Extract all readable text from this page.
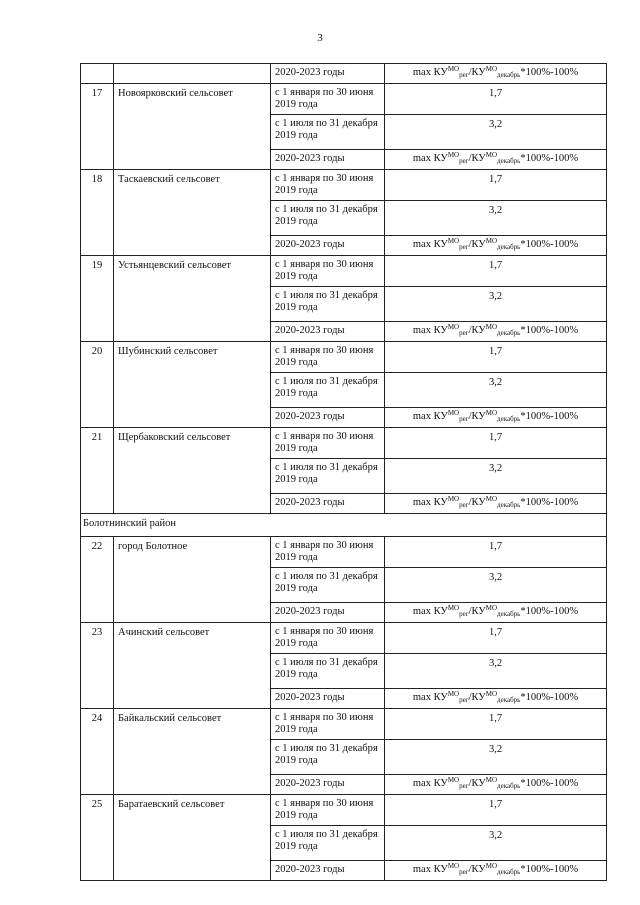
3
		2020-2023 годы	$\max КУ^{МО}_{рег}/КУ^{МО}_{декабрь}*100\%-100\%$
17	Новоярковский сельсовет	с 1 января по 30 июня 2019 года	1,7
		с 1 июля по 31 декабря 2019 года	3,2
		2020-2023 годы	$\max КУ^{МО}_{рег}/КУ^{МО}_{декабрь}*100\%-100\%$
18	Таскаевский сельсовет	с 1 января по 30 июня 2019 года	1,7
		с 1 июля по 31 декабря 2019 года	3,2
		2020-2023 годы	$\max КУ^{МО}_{рег}/КУ^{МО}_{декабрь}*100\%-100\%$
19	Устьянцевский сельсовет	с 1 января по 30 июня 2019 года	1,7
		с 1 июля по 31 декабря 2019 года	3,2
		2020-2023 годы	$\max КУ^{МО}_{рег}/КУ^{МО}_{декабрь}*100\%-100\%$
20	Шубинский сельсовет	с 1 января по 30 июня 2019 года	1,7
		с 1 июля по 31 декабря 2019 года	3,2
		2020-2023 годы	$\max КУ^{МО}_{рег}/КУ^{МО}_{декабрь}*100\%-100\%$
21	Щербаковский сельсовет	с 1 января по 30 июня 2019 года	1,7
		с 1 июля по 31 декабря 2019 года	3,2
		2020-2023 годы	$\max КУ^{МО}_{рег}/КУ^{МО}_{декабрь}*100\%-100\%$
Болотнинский район			
22	город Болотное	с 1 января по 30 июня 2019 года	1,7
		с 1 июля по 31 декабря 2019 года	3,2
		2020-2023 годы	$\max КУ^{МО}_{рег}/КУ^{МО}_{декабрь}*100\%-100\%$
23	Ачинский сельсовет	с 1 января по 30 июня 2019 года	1,7
		с 1 июля по 31 декабря 2019 года	3,2
		2020-2023 годы	$\max КУ^{МО}_{рег}/КУ^{МО}_{декабрь}*100\%-100\%$
24	Байкальский сельсовет	с 1 января по 30 июня 2019 года	1,7
		с 1 июля по 31 декабря 2019 года	3,2
		2020-2023 годы	$\max КУ^{МО}_{рег}/КУ^{МО}_{декабрь}*100\%-100\%$
25	Баратаевский сельсовет	с 1 января по 30 июня 2019 года	1,7
		с 1 июля по 31 декабря 2019 года	3,2
		2020-2023 годы	$\max КУ^{МО}_{рег}/КУ^{МО}_{декабрь}*100\%-100\%$
